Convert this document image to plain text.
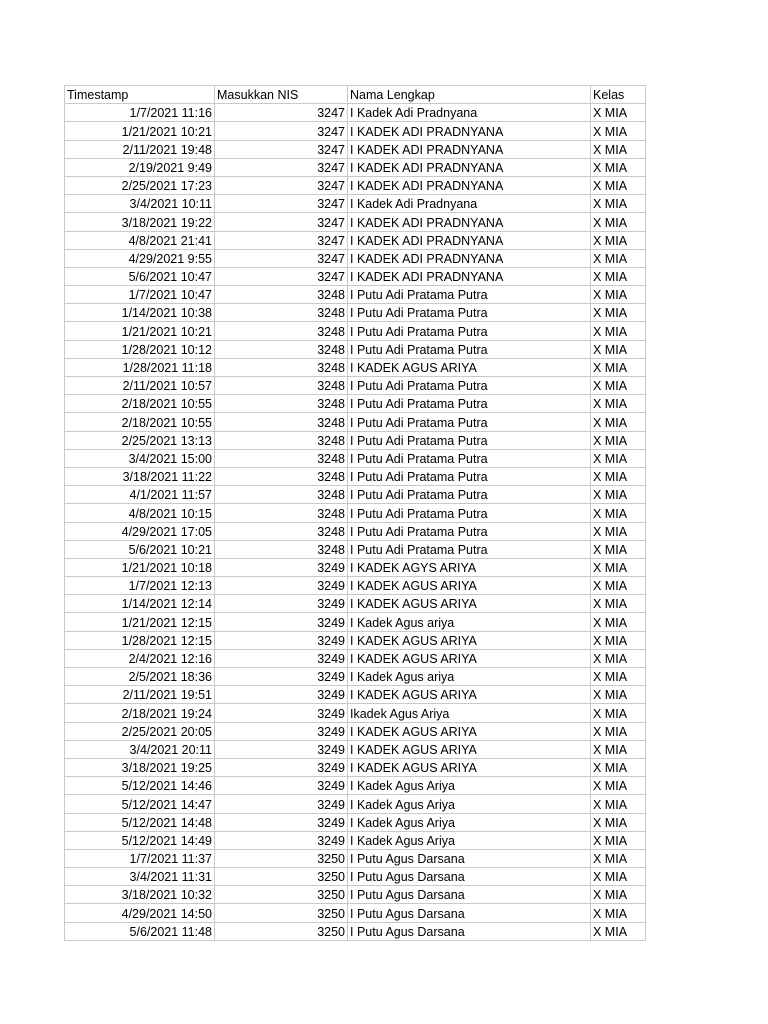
Timestamp	Masukkan NIS	Nama Lengkap	Kelas
1/7/2021 11:16	3247	I Kadek Adi Pradnyana	X MIA
1/21/2021 10:21	3247	I KADEK ADI PRADNYANA	X MIA
2/11/2021 19:48	3247	I KADEK ADI PRADNYANA	X MIA
2/19/2021 9:49	3247	I KADEK ADI PRADNYANA	X MIA
2/25/2021 17:23	3247	I KADEK ADI PRADNYANA	X MIA
3/4/2021 10:11	3247	I Kadek Adi Pradnyana	X MIA
3/18/2021 19:22	3247	I KADEK ADI PRADNYANA	X MIA
4/8/2021 21:41	3247	I KADEK ADI PRADNYANA	X MIA
4/29/2021 9:55	3247	I KADEK ADI PRADNYANA	X MIA
5/6/2021 10:47	3247	I KADEK ADI PRADNYANA	X MIA
1/7/2021 10:47	3248	I Putu Adi Pratama Putra	X MIA
1/14/2021 10:38	3248	I Putu Adi Pratama Putra	X MIA
1/21/2021 10:21	3248	I Putu Adi Pratama Putra	X MIA
1/28/2021 10:12	3248	I Putu Adi Pratama Putra	X MIA
1/28/2021 11:18	3248	I KADEK AGUS ARIYA	X MIA
2/11/2021 10:57	3248	I Putu Adi Pratama Putra	X MIA
2/18/2021 10:55	3248	I Putu Adi Pratama Putra	X MIA
2/18/2021 10:55	3248	I Putu Adi Pratama Putra	X MIA
2/25/2021 13:13	3248	I Putu Adi Pratama Putra	X MIA
3/4/2021 15:00	3248	I Putu Adi Pratama Putra	X MIA
3/18/2021 11:22	3248	I Putu Adi Pratama Putra	X MIA
4/1/2021 11:57	3248	I Putu Adi Pratama Putra	X MIA
4/8/2021 10:15	3248	I Putu Adi Pratama Putra	X MIA
4/29/2021 17:05	3248	I Putu Adi Pratama Putra	X MIA
5/6/2021 10:21	3248	I Putu Adi Pratama Putra	X MIA
1/21/2021 10:18	3249	I KADEK AGYS ARIYA	X MIA
1/7/2021 12:13	3249	I KADEK AGUS ARIYA	X MIA
1/14/2021 12:14	3249	I KADEK AGUS ARIYA	X MIA
1/21/2021 12:15	3249	I Kadek Agus ariya	X MIA
1/28/2021 12:15	3249	I KADEK AGUS ARIYA	X MIA
2/4/2021 12:16	3249	I KADEK AGUS ARIYA	X MIA
2/5/2021 18:36	3249	I Kadek Agus ariya	X MIA
2/11/2021 19:51	3249	I KADEK AGUS ARIYA	X MIA
2/18/2021 19:24	3249	Ikadek Agus Ariya	X MIA
2/25/2021 20:05	3249	I KADEK AGUS ARIYA	X MIA
3/4/2021 20:11	3249	I KADEK AGUS ARIYA	X MIA
3/18/2021 19:25	3249	I KADEK AGUS ARIYA	X MIA
5/12/2021 14:46	3249	I Kadek Agus Ariya	X MIA
5/12/2021 14:47	3249	I Kadek Agus Ariya	X MIA
5/12/2021 14:48	3249	I Kadek Agus Ariya	X MIA
5/12/2021 14:49	3249	I Kadek Agus Ariya	X MIA
1/7/2021 11:37	3250	I Putu Agus Darsana	X MIA
3/4/2021 11:31	3250	I Putu Agus Darsana	X MIA
3/18/2021 10:32	3250	I Putu Agus Darsana	X MIA
4/29/2021 14:50	3250	I Putu Agus Darsana	X MIA
5/6/2021 11:48	3250	I Putu Agus Darsana	X MIA
